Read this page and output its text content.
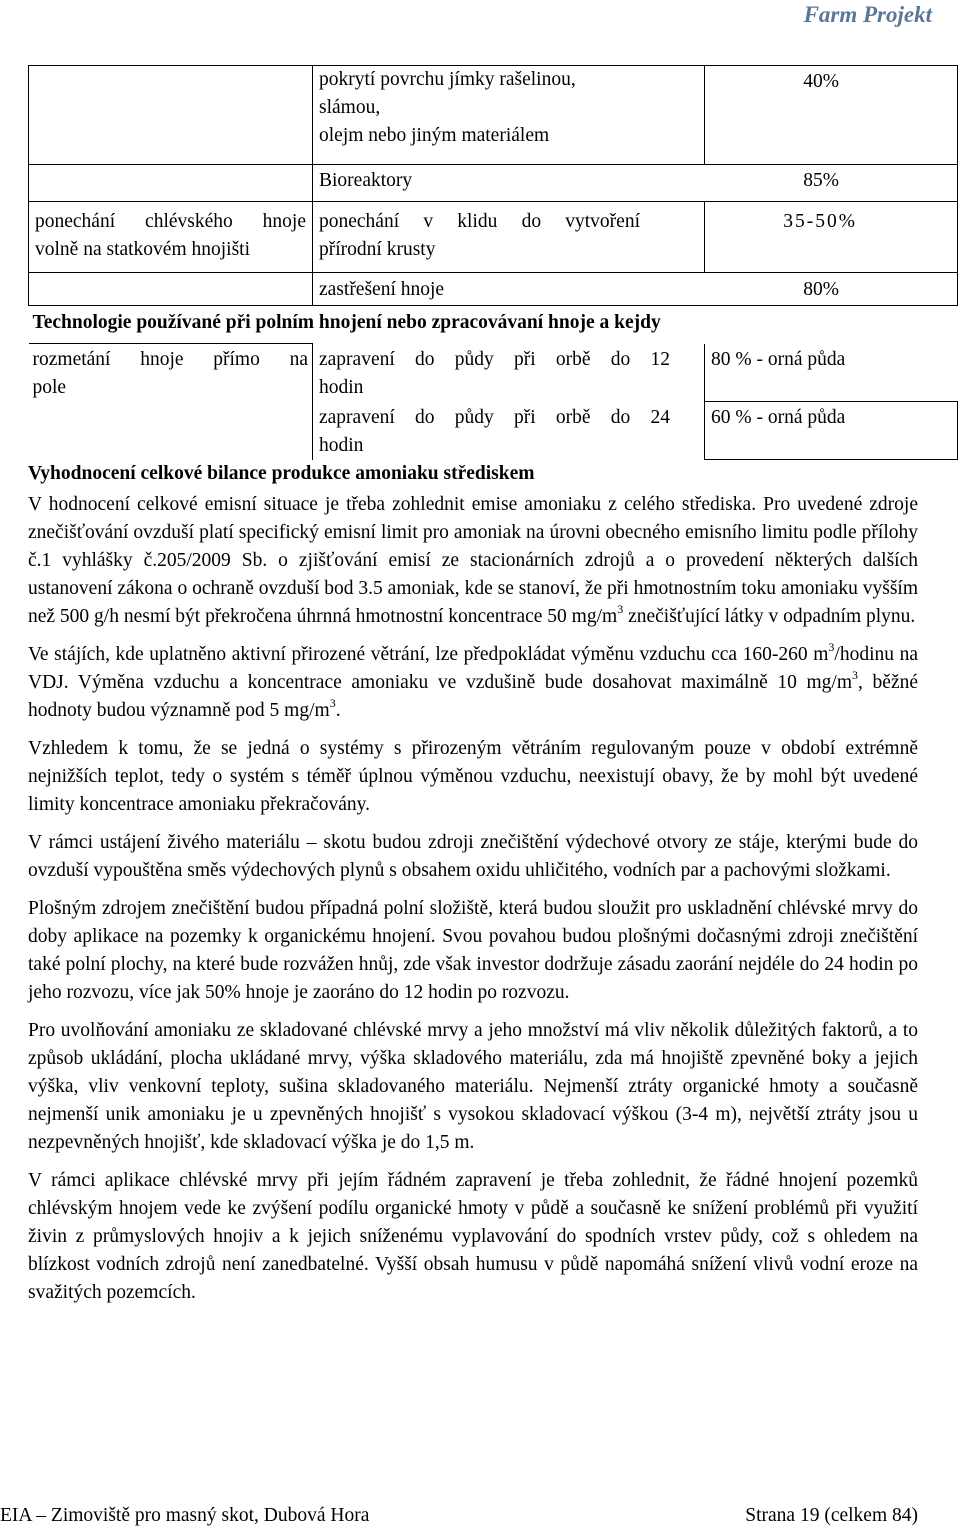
Farm Projekt

	pokrytí povrchu jímky rašelinou,
slámou,
olejm nebo jiným materiálem	40%
	Bioreaktory 85%	

ponechání chlévského hnoje
volně na statkovém hnojišti	ponechání v klidu do vytvoření
přírodní krusty	35-50%
	zastřešení hnoje 80%	

Technologie používané při polním hnojení nebo zpracovávaní hnoje a kejdy		

rozmetání hnoje přímo na
pole	zapravení do půdy při orbě do 12
hodin	80 % - orná půda

	zapravení do půdy při orbě do 24
hodin	60 % - orná půda
Vyhodnocení celkové bilance produkce amoniaku střediskem

V hodnocení celkové emisní situace je třeba zohlednit emise amoniaku z celého střediska. Pro uvedené zdroje znečišťování ovzduší platí specifický emisní limit pro amoniak na úrovni obecného emisního limitu podle přílohy č.1 vyhlášky č.205/2009 Sb. o zjišťování emisí ze stacionárních zdrojů a o provedení některých dalších ustanovení zákona o ochraně ovzduší bod 3.5 amoniak, kde se stanoví, že při hmotnostním toku amoniaku vyšším než 500 g/h nesmí být překročena úhrnná hmotnostní koncentrace 50 $mg/m^3$ znečišťující látky v odpadním plynu.

Ve stájích, kde uplatněno aktivní přirozené větrání, lze předpokládat výměnu vzduchu cca 160-260 $m^3$/hodinu na VDJ. Výměna vzduchu a koncentrace amoniaku ve vzdušině bude dosahovat maximálně 10 $mg/m^3$, běžné hodnoty budou významně pod 5 $mg/m^3$.

Vzhledem k tomu, že se jedná o systémy s přirozeným větráním regulovaným pouze v období extrémně nejnižších teplot, tedy o systém s téměř úplnou výměnou vzduchu, neexistují obavy, že by mohl být uvedené limity koncentrace amoniaku překračovány.

V rámci ustájení živého materiálu – skotu budou zdroji znečištění výdechové otvory ze stáje, kterými bude do ovzduší vypouštěna směs výdechových plynů s obsahem oxidu uhličitého, vodních par a pachovými složkami.

Plošným zdrojem znečištění budou případná polní složiště, která budou sloužit pro uskladnění chlévské mrvy do doby aplikace na pozemky k organickému hnojení. Svou povahou budou plošnými dočasnými zdroji znečištění také polní plochy, na které bude rozvážen hnůj, zde však investor dodržuje zásadu zaorání nejdéle do 24 hodin po jeho rozvozu, více jak 50% hnoje je zaoráno do 12 hodin po rozvozu.

Pro uvolňování amoniaku ze skladované chlévské mrvy a jeho množství má vliv několik důležitých faktorů, a to způsob ukládání, plocha ukládané mrvy, výška skladového materiálu, zda má hnojiště zpevněné boky a jejich výška, vliv venkovní teploty, sušina skladovaného materiálu. Nejmenší ztráty organické hmoty a současně nejmenší unik amoniaku je u zpevněných hnojišť s vysokou skladovací výškou (3-4 m), největší ztráty jsou u nezpevněných hnojišť, kde skladovací výška je do 1,5 m.

V rámci aplikace chlévské mrvy při jejím řádném zapravení je třeba zohlednit, že řádné hnojení pozemků chlévským hnojem vede ke zvýšení podílu organické hmoty v půdě a současně ke snížení problémů při využití živin z průmyslových hnojiv a k jejich sníženému vyplavování do spodních vrstev půdy, což s ohledem na blízkost vodních zdrojů není zanedbatelné. Vyšší obsah humusu v půdě napomáhá snížení vlivů vodní eroze na svažitých pozemcích.

EIA – Zimoviště pro masný skot, Dubová Hora	Strana 19 (celkem 84)
